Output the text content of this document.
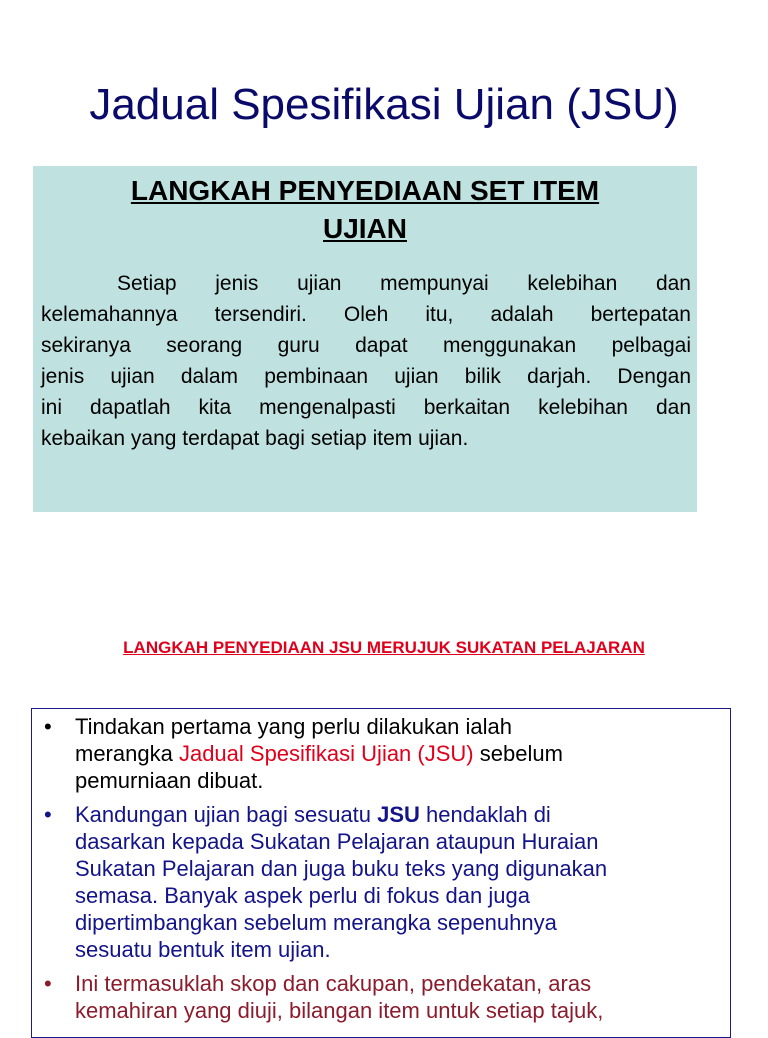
Jadual Spesifikasi Ujian (JSU)
LANGKAH PENYEDIAAN SET ITEM
UJIAN
Setiap jenis ujian mempunyai kelebihan dan
kelemahannya tersendiri. Oleh itu, adalah bertepatan
sekiranya seorang guru dapat menggunakan pelbagai
jenis ujian dalam pembinaan ujian bilik darjah. Dengan
ini dapatlah kita mengenalpasti berkaitan kelebihan dan
kebaikan yang terdapat bagi setiap item ujian.
LANGKAH PENYEDIAAN JSU MERUJUK SUKATAN PELAJARAN
• Tindakan pertama yang perlu dilakukan ialah
merangka Jadual Spesifikasi Ujian (JSU) sebelum
pemurniaan dibuat.
• Kandungan ujian bagi sesuatu JSU hendaklah di
dasarkan kepada Sukatan Pelajaran ataupun Huraian
Sukatan Pelajaran dan juga buku teks yang digunakan
semasa. Banyak aspek perlu di fokus dan juga
dipertimbangkan sebelum merangka sepenuhnya
sesuatu bentuk item ujian.
• Ini termasuklah skop dan cakupan, pendekatan, aras
kemahiran yang diuji, bilangan item untuk setiap tajuk,
